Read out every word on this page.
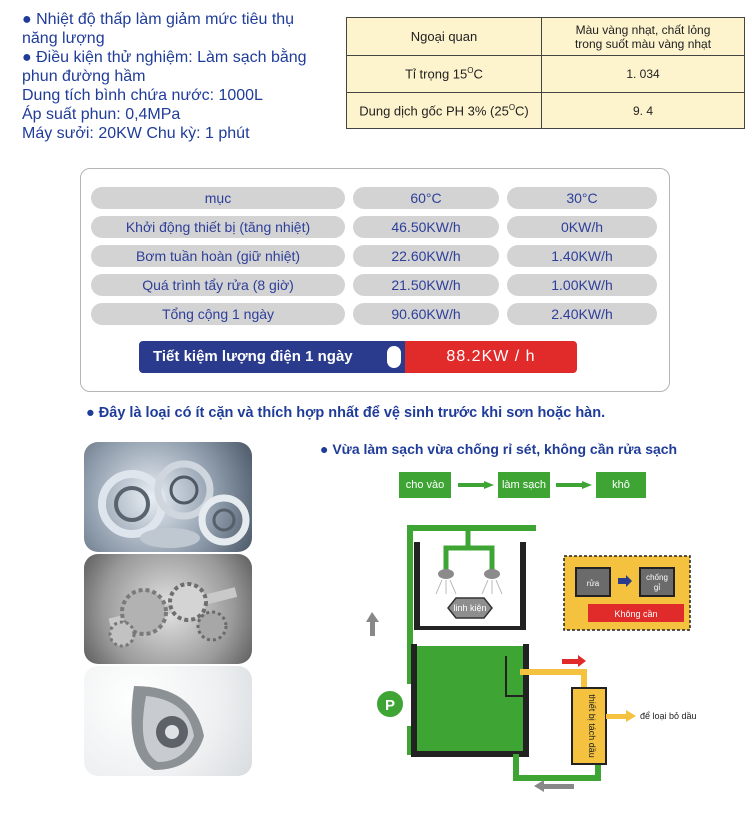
● Nhiệt độ thấp làm giảm mức tiêu thụ
năng lượng
● Điều kiện thử nghiệm: Làm sạch bằng
phun đường hầm
Dung tích bình chứa nước: 1000L
Áp suất phun: 0,4MPa
Máy sưởi: 20KW Chu kỳ: 1 phút
Ngoại quan	Màu vàng nhạt, chất lỏng
trong suốt màu vàng nhạt

Tỉ trọng $15^OC$	1. 034
Dung dịch gốc PH 3% $(25^OC)$	9. 4
mục	60°C	30°C
Khởi động thiết bị (tăng nhiệt)	46.50KW/h	0KW/h
Bơm tuần hoàn (giữ nhiệt)	22.60KW/h	1.40KW/h
Quá trình tẩy rửa (8 giờ)	21.50KW/h	1.00KW/h
Tổng cộng 1 ngày	90.60KW/h	2.40KW/h
Tiết kiệm lượng điện 1 ngày	88.2KW / h
● Đây là loại có ít cặn và thích hợp nhất để vệ sinh trước khi sơn hoặc hàn.
● Vừa làm sạch vừa chống rỉ sét, không cần rửa sạch
cho vào	làm sạch	khô
linh kiện
thiết bị tách dầu	để loại bỏ dầu
P
rửa
chống
gỉ
Không cần
